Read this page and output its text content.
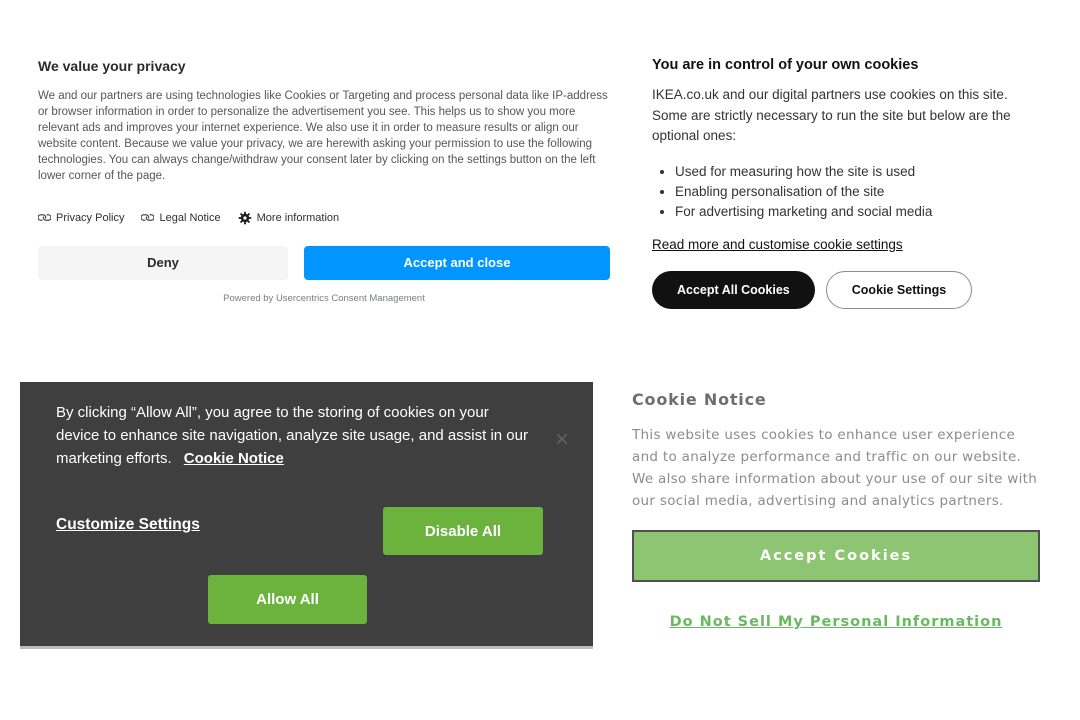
We value your privacy

We and our partners are using technologies like Cookies or Targeting and process personal data like IP-address or browser information in order to personalize the advertisement you see. This helps us to show you more relevant ads and improves your internet experience. We also use it in order to measure results or align our website content. Because we value your privacy, we are herewith asking your permission to use the following technologies. You can always change/withdraw your consent later by clicking on the settings button on the left lower corner of the page.

Privacy Policy	Legal Notice	More information
Deny	Accept and close
Powered by Usercentrics Consent Management
You are in control of your own cookies

IKEA.co.uk and our digital partners use cookies on this site. Some are strictly necessary to run the site but below are the optional ones:

• Used for measuring how the site is used
• Enabling personalisation of the site
• For advertising marketing and social media
Read more and customise cookie settings
Accept All Cookies	Cookie Settings

By clicking “Allow All”, you agree to the storing of cookies on your device to enhance site navigation, analyze site usage, and assist in our marketing efforts. Cookie Notice

×
Customize Settings	Disable All
Allow All
Cookie Notice

This website uses cookies to enhance user experience and to analyze performance and traffic on our website. We also share information about your use of our site with our social media, advertising and analytics partners.

Accept Cookies
Do Not Sell My Personal Information
